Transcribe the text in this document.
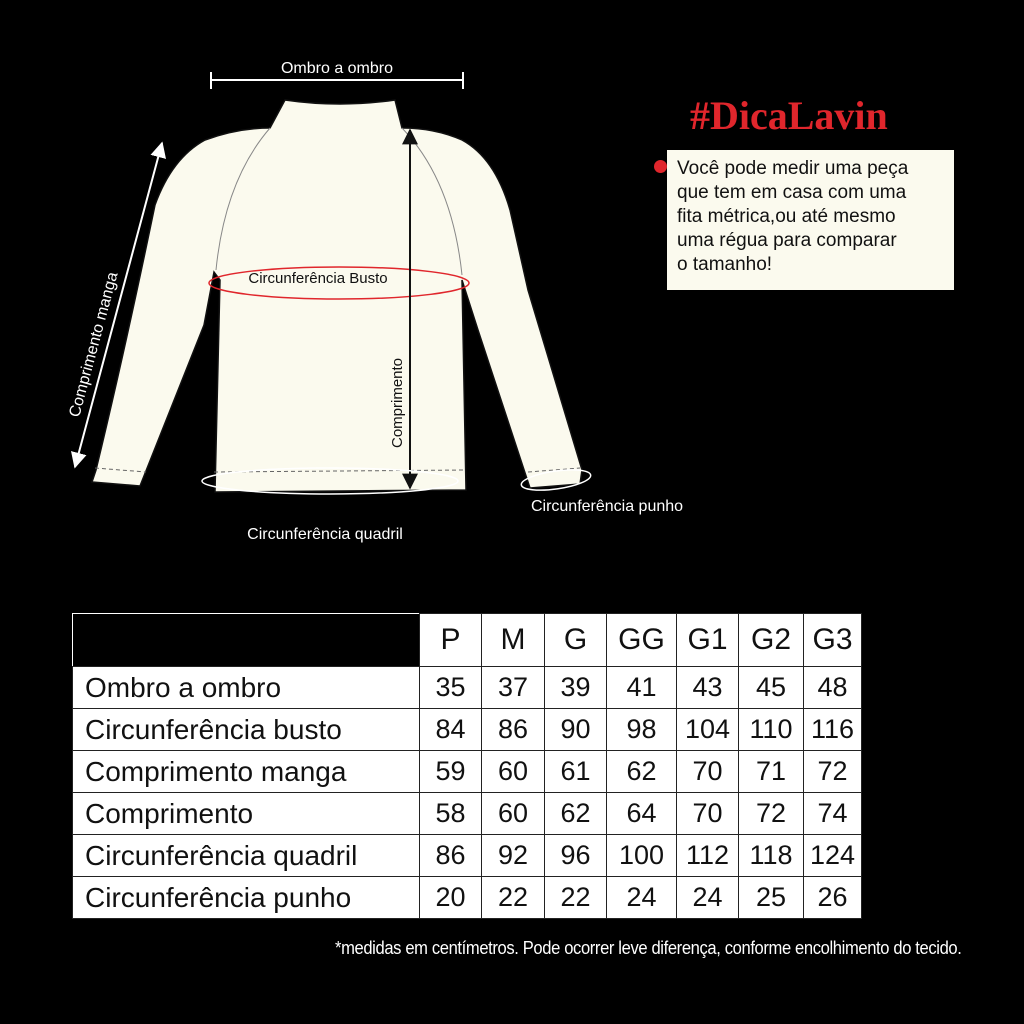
Ombro a ombro
Comprimento manga	Circunferência Busto
Comprimento
Circunferência quadril
Circunferência punho
#DicaLavin
Você pode medir uma peça
que tem em casa com uma
fita métrica,ou até mesmo
uma régua para comparar
o tamanho!
	P	M	G	GG	G1	G2	G3
Ombro a ombro	35	37	39	41	43	45	48
Circunferência busto	84	86	90	98	104	110	116
Comprimento manga	59	60	61	62	70	71	72
Comprimento	58	60	62	64	70	72	74
Circunferência quadril	86	92	96	100	112	118	124
Circunferência punho	20	22	22	24	24	25	26
*medidas em centímetros. Pode ocorrer leve diferença, conforme encolhimento do tecido.
